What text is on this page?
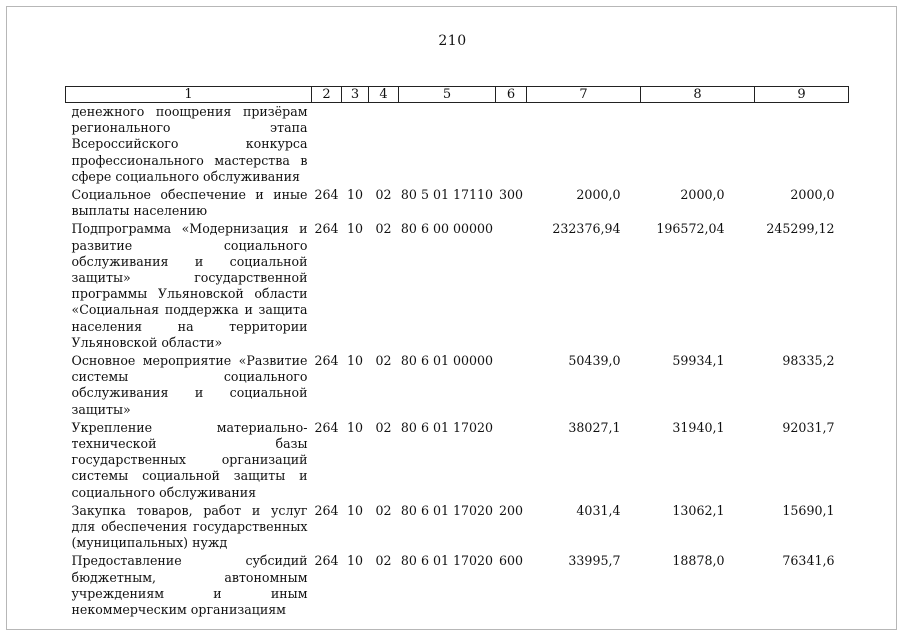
210
1	2	3	4	5	6	7	8	9
денежного поощрения призёрам регионального этапа Всероссийского конкурса профессионального мастерства в сфере социального обслуживания								
Социальное обеспечение и иные выплаты населению	264	10	02	80 5 01 17110	300	2000,0	2000,0	2000,0
Подпрограмма «Модернизация и развитие социального обслуживания и социальной защиты» государственной программы Ульяновской области «Социальная поддержка и защита населения на территории Ульяновской области»	264	10	02	80 6 00 00000		232376,94	196572,04	245299,12
Основное мероприятие «Развитие системы социального обслуживания и социальной защиты»	264	10	02	80 6 01 00000		50439,0	59934,1	98335,2
Укрепление материально-технической базы государственных организаций системы социальной защиты и социального обслуживания	264	10	02	80 6 01 17020		38027,1	31940,1	92031,7
Закупка товаров, работ и услуг для обеспечения государственных (муниципальных) нужд	264	10	02	80 6 01 17020	200	4031,4	13062,1	15690,1
Предоставление субсидий бюджетным, автономным учреждениям и иным некоммерческим организациям	264	10	02	80 6 01 17020	600	33995,7	18878,0	76341,6
